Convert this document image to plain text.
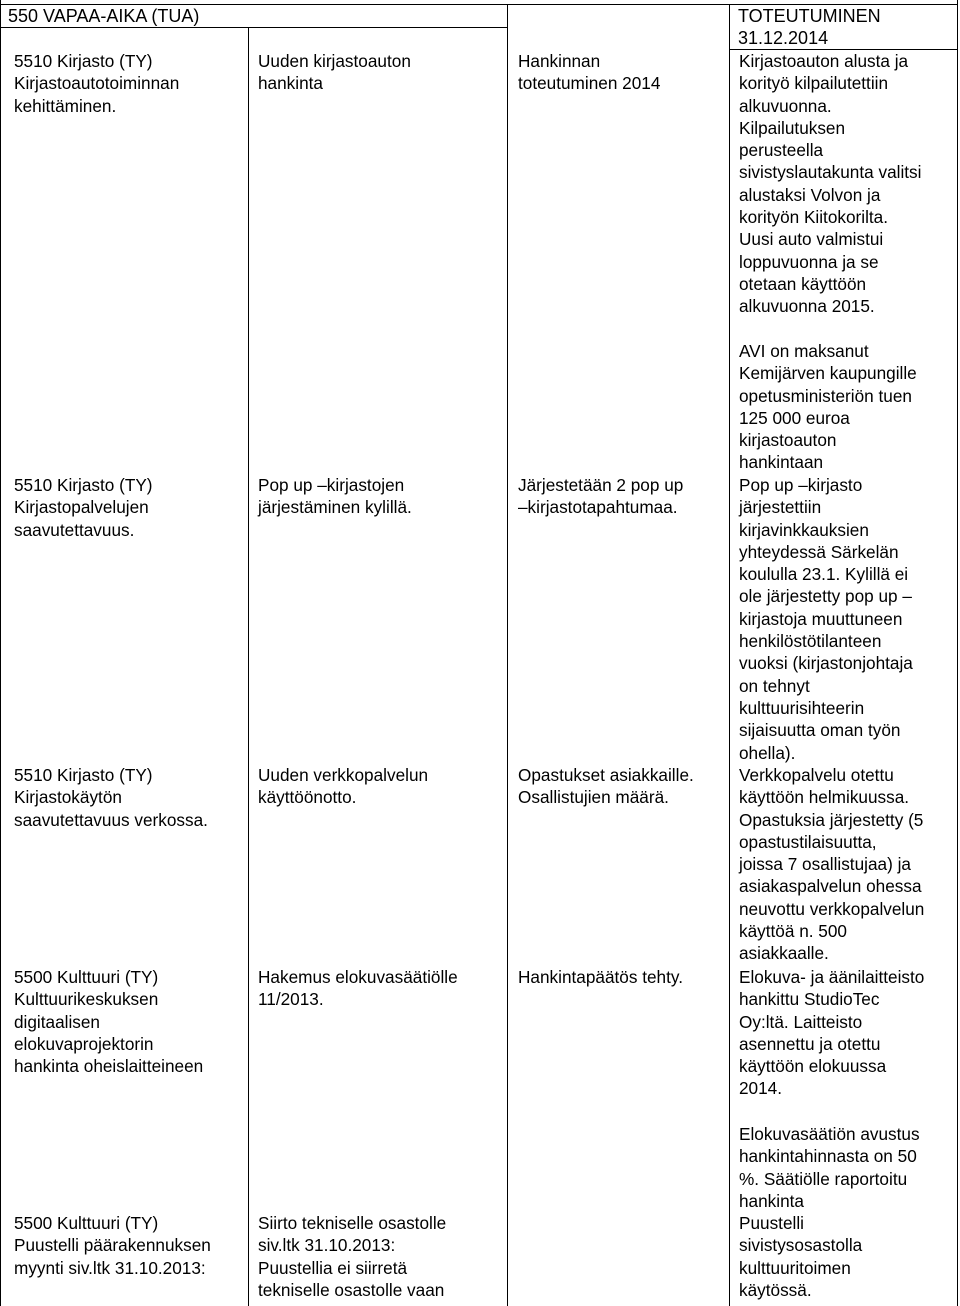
550 VAPAA-AIKA (TUA)	TOTEUTUMINEN
31.12.2014
5510 Kirjasto (TY)
Kirjastoautotoiminnan
kehittäminen.
Uuden kirjastoauton
hankinta
Hankinnan
toteutuminen 2014
Kirjastoauton alusta ja
korityö kilpailutettiin
alkuvuonna.
Kilpailutuksen
perusteella
sivistyslautakunta valitsi
alustaksi Volvon ja
korityön Kiitokorilta.
Uusi auto valmistui
loppuvuonna ja se
otetaan käyttöön
alkuvuonna 2015.
AVI on maksanut
Kemijärven kaupungille
opetusministeriön tuen
125 000 euroa
kirjastoauton
hankintaan
5510 Kirjasto (TY)
Kirjastopalvelujen
saavutettavuus.
Pop up –kirjastojen
järjestäminen kylillä.
Järjestetään 2 pop up
–kirjastotapahtumaa.
Pop up –kirjasto
järjestettiin
kirjavinkkauksien
yhteydessä Särkelän
koululla 23.1. Kylillä ei
ole järjestetty pop up –
kirjastoja muuttuneen
henkilöstötilanteen
vuoksi (kirjastonjohtaja
on tehnyt
kulttuurisihteerin
sijaisuutta oman työn
ohella).
5510 Kirjasto (TY)
Kirjastokäytön
saavutettavuus verkossa.
Uuden verkkopalvelun
käyttöönotto.
Opastukset asiakkaille.
Osallistujien määrä.
Verkkopalvelu otettu
käyttöön helmikuussa.
Opastuksia järjestetty (5
opastustilaisuutta,
joissa 7 osallistujaa) ja
asiakaspalvelun ohessa
neuvottu verkkopalvelun
käyttöä n. 500
asiakkaalle.
5500 Kulttuuri (TY)
Kulttuurikeskuksen
digitaalisen
elokuvaprojektorin
hankinta oheislaitteineen
Hakemus elokuvasäätiölle
11/2013.
Hankintapäätös tehty.	Elokuva- ja äänilaitteisto
hankittu StudioTec
Oy:ltä. Laitteisto
asennettu ja otettu
käyttöön elokuussa
2014.
Elokuvasäätiön avustus
hankintahinnasta on 50
%. Säätiölle raportoitu
hankinta
5500 Kulttuuri (TY)
Puustelli päärakennuksen
myynti siv.ltk 31.10.2013:
Siirto tekniselle osastolle
siv.ltk 31.10.2013:
Puustellia ei siirretä
tekniselle osastolle vaan
Puustelli
sivistysosastolla
kulttuuritoimen
käytössä.
